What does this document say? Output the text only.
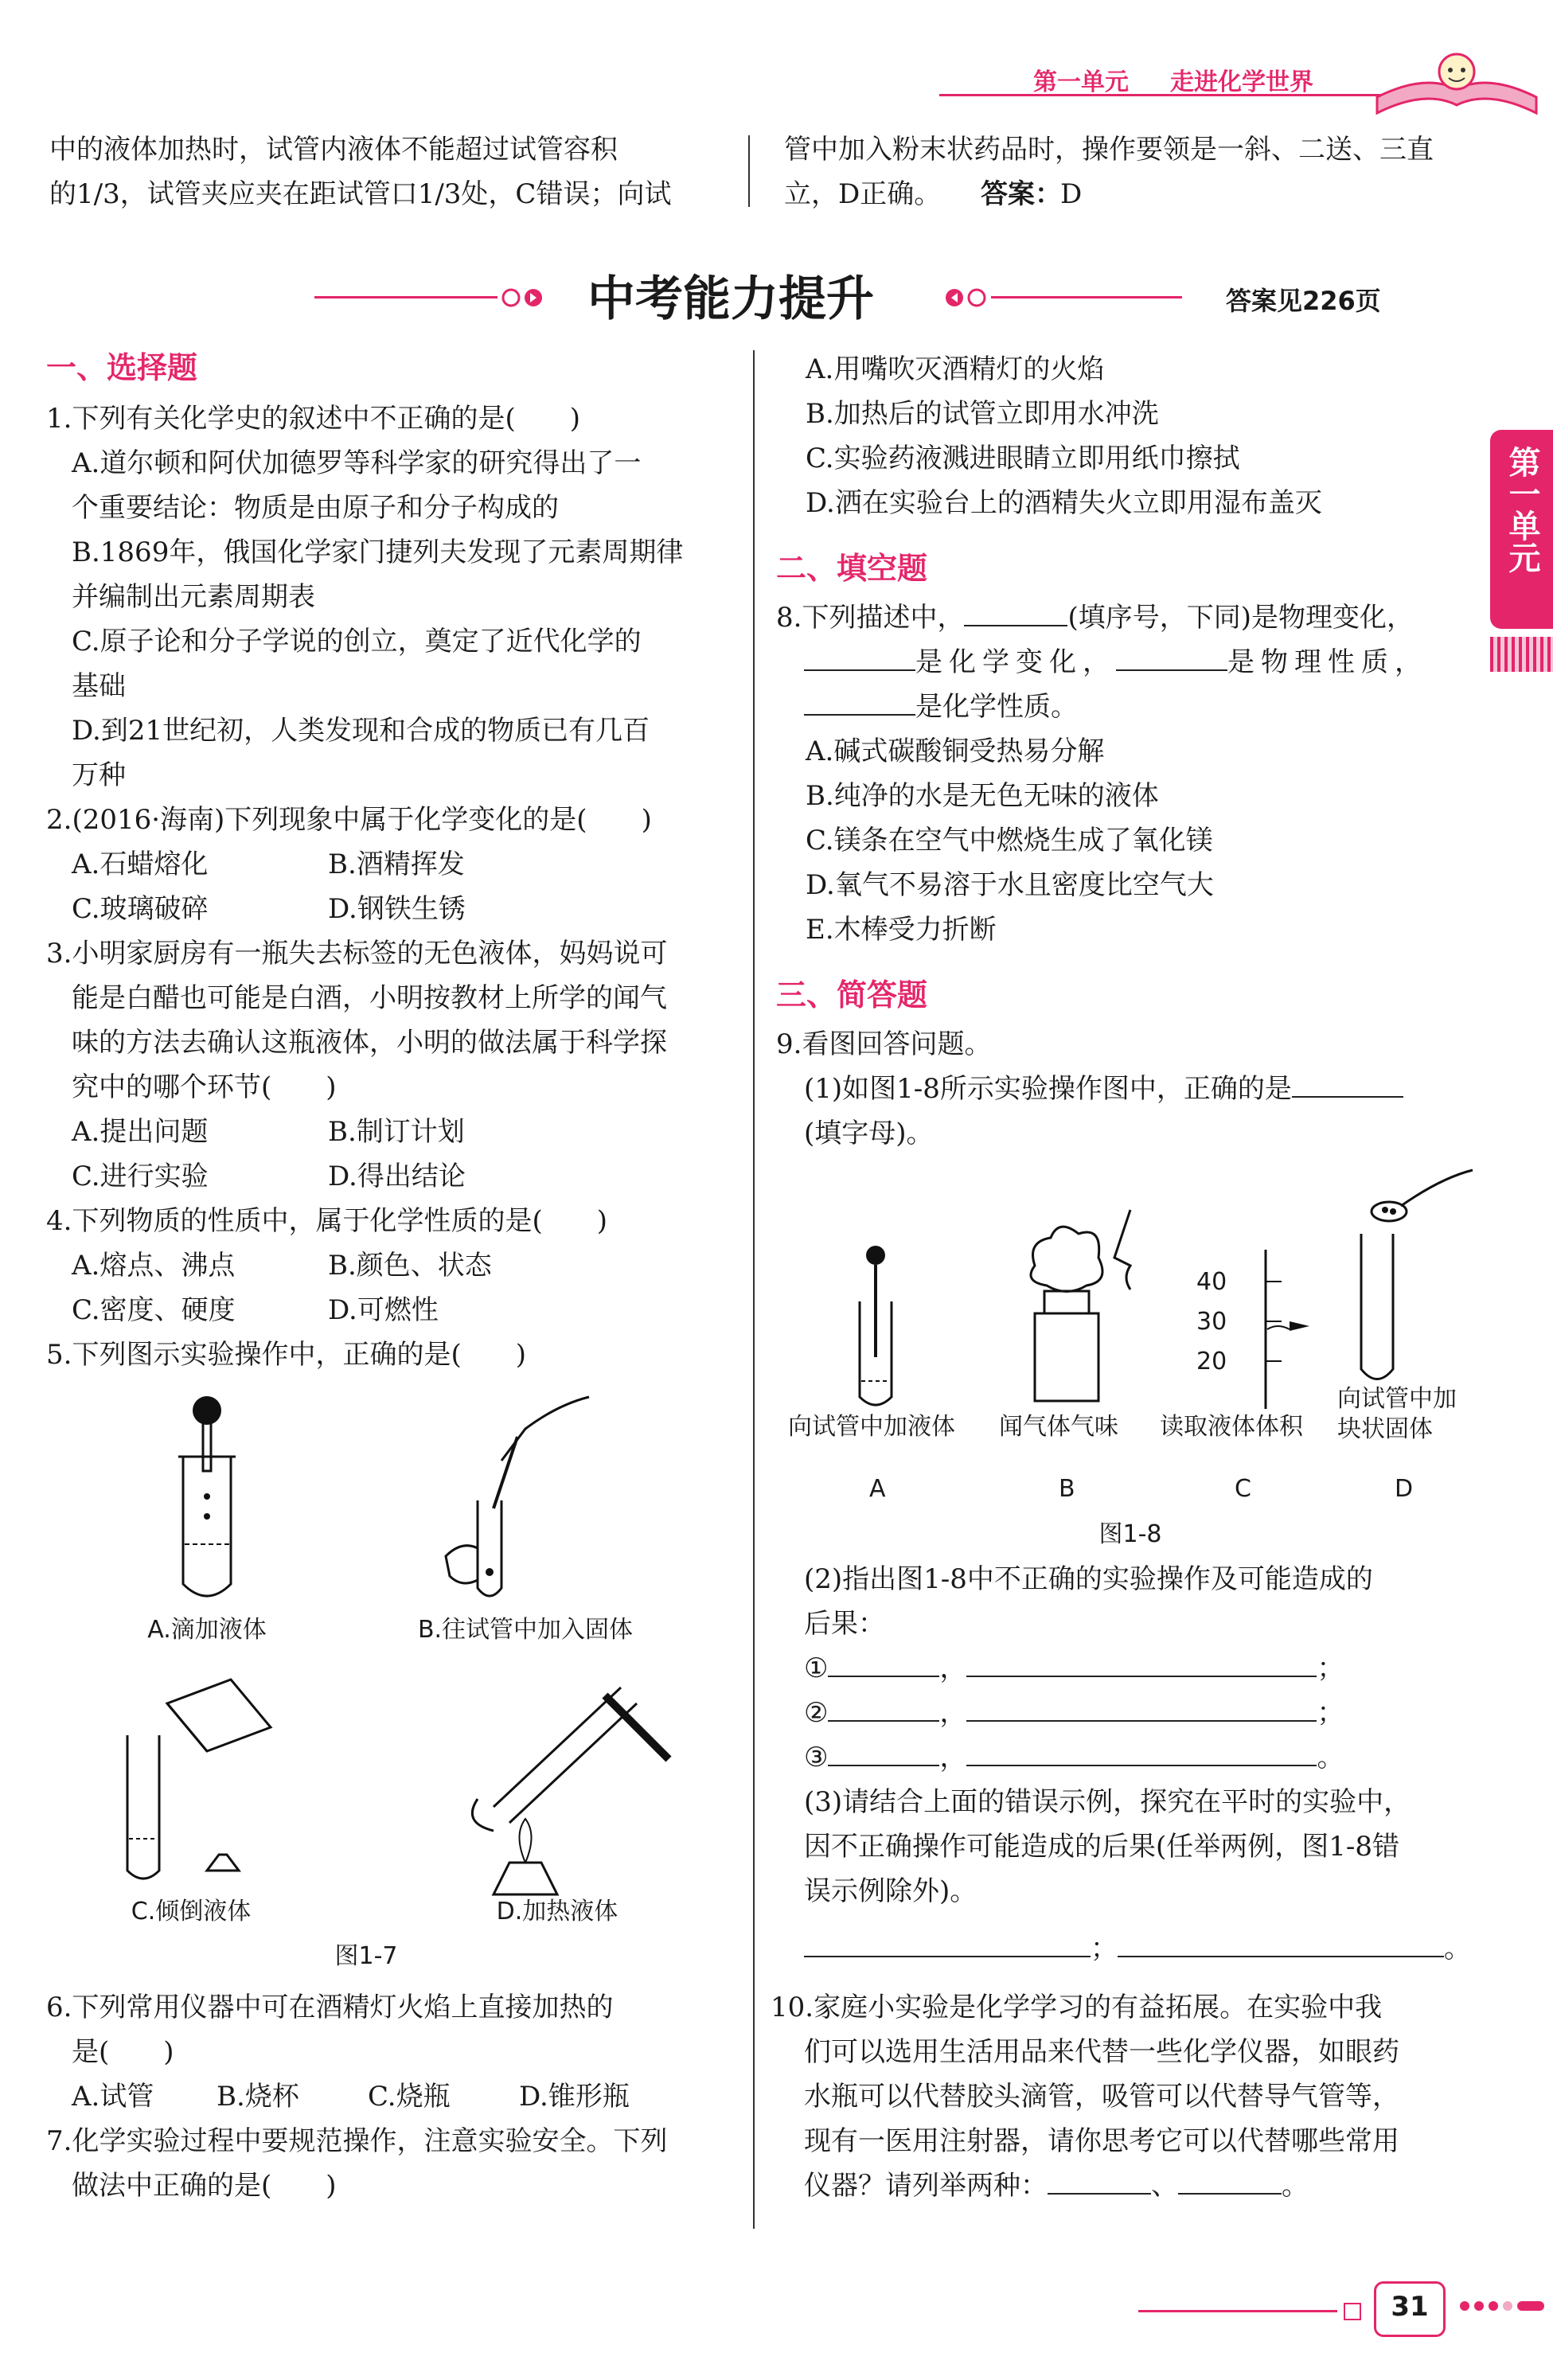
第一单元 走进化学世界
第一单元
中的液体加热时，试管内液体不能超过试管容积
的1/3，试管夹应夹在距试管口1/3处，C错误；向试
管中加入粉末状药品时，操作要领是一斜、二送、三直
立，D正确。 答案：
D
中考能力提升	答案见226页
一、选择题
1.下列有关化学史的叙述中不正确的是(　　)
A.道尔顿和阿伏加德罗等科学家的研究得出了一
个重要结论：物质是由原子和分子构成的
B.1869年，俄国化学家门捷列夫发现了元素周期律
并编制出元素周期表
C.原子论和分子学说的创立，奠定了近代化学的
基础
D.到21世纪初，人类发现和合成的物质已有几百
万种
2.(2016·海南)下列现象中属于化学变化的是(　　)
A.石蜡熔化	B.酒精挥发
C.玻璃破碎	D.钢铁生锈
3.小明家厨房有一瓶失去标签的无色液体，妈妈说可
能是白醋也可能是白酒，小明按教材上所学的闻气
味的方法去确认这瓶液体，小明的做法属于科学探
究中的哪个环节(　　)
A.提出问题	B.制订计划
C.进行实验	D.得出结论
4.下列物质的性质中，属于化学性质的是(　　)
A.熔点、沸点	B.颜色、状态
C.密度、硬度	D.可燃性
5.下列图示实验操作中，正确的是(　　)
A.滴加液体	B.往试管中加入固体
C.倾倒液体	D.加热液体
图1-7
6.下列常用仪器中可在酒精灯火焰上直接加热的
是(　　)
A.试管 B.烧杯	C.烧瓶	D.锥形瓶
7.化学实验过程中要规范操作，注意实验安全。下列
做法中正确的是(　　)
A.用嘴吹灭酒精灯的火焰
B.加热后的试管立即用水冲洗
C.实验药液溅进眼睛立即用纸巾擦拭
D.洒在实验台上的酒精失火立即用湿布盖灭
二、填空题
8.下列描述中，	(填序号，下同)是物理变化，
是化学变化，	是物理性质，
是化学性质。
A.碱式碳酸铜受热易分解
B.纯净的水是无色无味的液体
C.镁条在空气中燃烧生成了氧化镁
D.氧气不易溶于水且密度比空气大
E.木棒受力折断
三、简答题
9.看图回答问题。
(1)如图1-8所示实验操作图中，正确的是
(填字母)。
40
30
20
向试管中加液体 闻气体气味 读取液体体积
向试管中加
块状固体
A	B	C	D
图1-8
(2)指出图1-8中不正确的实验操作及可能造成的
后果：
①	，	；
②	，	；
③	，	。
(3)请结合上面的错误示例，探究在平时的实验中，
因不正确操作可能造成的后果(任举两例，图1-8错
误示例除外)。
；	。
10.家庭小实验是化学学习的有益拓展。在实验中我
们可以选用生活用品来代替一些化学仪器，如眼药
水瓶可以代替胶头滴管，吸管可以代替导气管等，
现有一医用注射器，请你思考它可以代替哪些常用
仪器？请列举两种：	、	。
31
